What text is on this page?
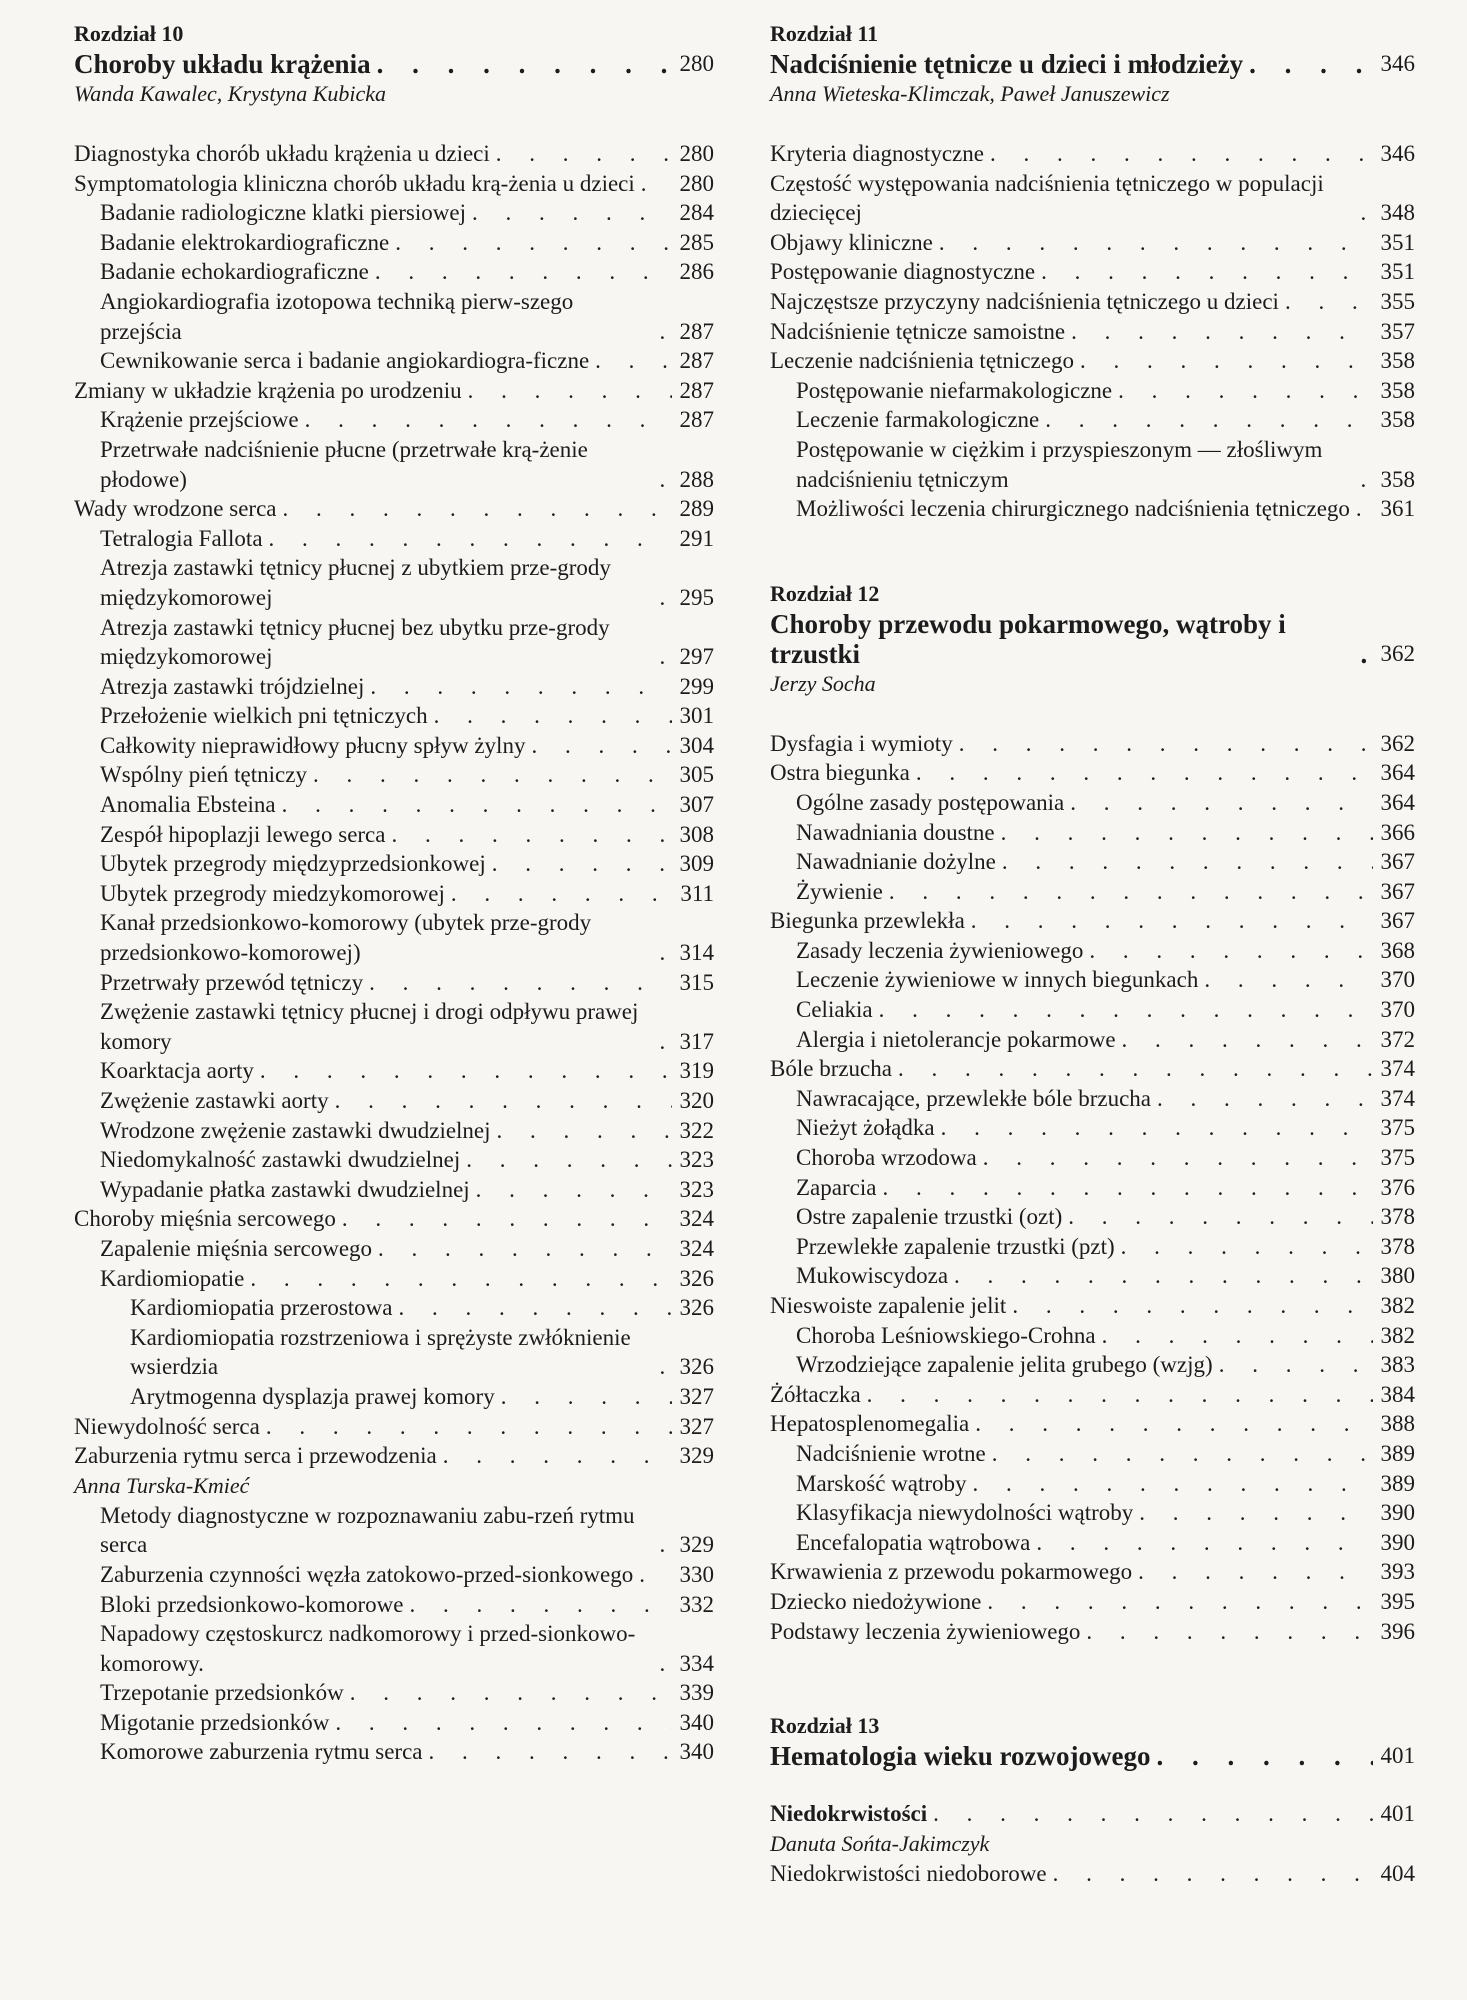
Rozdział 10
Choroby układu krążenia . . .	280
Wanda Kawalec, Krystyna Kubicka
Diagnostyka chorób układu krążenia u dzieci . . .	280
Symptomatologia kliniczna chorób układu krą-żenia u dzieci . . .	280
Badanie radiologiczne klatki piersiowej . . .	284
Badanie elektrokardiograficzne . . .	285
Badanie echokardiograficzne . . .	286
Angiokardiografia izotopowa techniką pierw-szego przejścia . . .	287
Cewnikowanie serca i badanie angiokardiogra-ficzne . . .	287
Zmiany w układzie krążenia po urodzeniu . . .	287
Krążenie przejściowe . . .	287
Przetrwałe nadciśnienie płucne (przetrwałe krą-żenie płodowe) . . .	288
Wady wrodzone serca . . .	289
Tetralogia Fallota . . .	291
Atrezja zastawki tętnicy płucnej z ubytkiem prze-grody międzykomorowej . . .	295
Atrezja zastawki tętnicy płucnej bez ubytku prze-grody międzykomorowej . . .	297
Atrezja zastawki trójdzielnej . . .	299
Przełożenie wielkich pni tętniczych . . .	301
Całkowity nieprawidłowy płucny spływ żylny . . .	304
Wspólny pień tętniczy . . .	305
Anomalia Ebsteina . . .	307
Zespół hipoplazji lewego serca . . .	308
Ubytek przegrody międzyprzedsionkowej . . .	309
Ubytek przegrody miedzykomorowej . . .	311
Kanał przedsionkowo-komorowy (ubytek prze-grody przedsionkowo-komorowej) . . .	314
Przetrwały przewód tętniczy . . .	315
Zwężenie zastawki tętnicy płucnej i drogi odpływu prawej komory . . .	317
Koarktacja aorty . . .	319
Zwężenie zastawki aorty . . .	320
Wrodzone zwężenie zastawki dwudzielnej . . .	322
Niedomykalność zastawki dwudzielnej . . .	323
Wypadanie płatka zastawki dwudzielnej . . .	323
Choroby mięśnia sercowego . . .	324
Zapalenie mięśnia sercowego . . .	324
Kardiomiopatie . . .	326
Kardiomiopatia przerostowa . . .	326
Kardiomiopatia rozstrzeniowa i sprężyste zwłóknienie wsierdzia . . .	326
Arytmogenna dysplazja prawej komory . . .	327
Niewydolność serca . . .	327
Zaburzenia rytmu serca i przewodzenia . . .	329
Anna Turska-Kmieć
Metody diagnostyczne w rozpoznawaniu zabu-rzeń rytmu serca . . .	329
Zaburzenia czynności węzła zatokowo-przed-sionkowego . . .	330
Bloki przedsionkowo-komorowe . . .	332
Napadowy częstoskurcz nadkomorowy i przed-sionkowo-komorowy. . . .	334
Trzepotanie przedsionków . . .	339
Migotanie przedsionków . . .	340
Komorowe zaburzenia rytmu serca . . .	340
Rozdział 11
Nadciśnienie tętnicze u dzieci i młodzieży . . .	346
Anna Wieteska-Klimczak, Paweł Januszewicz
Kryteria diagnostyczne . . .	346
Częstość występowania nadciśnienia tętniczego w populacji dziecięcej . . .	348
Objawy kliniczne . . .	351
Postępowanie diagnostyczne . . .	351
Najczęstsze przyczyny nadciśnienia tętniczego u dzieci . . .	355
Nadciśnienie tętnicze samoistne . . .	357
Leczenie nadciśnienia tętniczego . . .	358
Postępowanie niefarmakologiczne . . .	358
Leczenie farmakologiczne . . .	358
Postępowanie w ciężkim i przyspieszonym — złośliwym nadciśnieniu tętniczym . . .	358
Możliwości leczenia chirurgicznego nadciśnienia tętniczego . . .	361
Rozdział 12
Choroby przewodu pokarmowego, wątroby i trzustki . . .	362
Jerzy Socha
Dysfagia i wymioty . . .	362
Ostra biegunka . . .	364
Ogólne zasady postępowania . . .	364
Nawadniania doustne . . .	366
Nawadnianie dożylne . . .	367
Żywienie . . .	367
Biegunka przewlekła . . .	367
Zasady leczenia żywieniowego . . .	368
Leczenie żywieniowe w innych biegunkach . . .	370
Celiakia . . .	370
Alergia i nietolerancje pokarmowe . . .	372
Bóle brzucha . . .	374
Nawracające, przewlekłe bóle brzucha . . .	374
Nieżyt żołądka . . .	375
Choroba wrzodowa . . .	375
Zaparcia . . .	376
Ostre zapalenie trzustki (ozt) . . .	378
Przewlekłe zapalenie trzustki (pzt) . . .	378
Mukowiscydoza . . .	380
Nieswoiste zapalenie jelit . . .	382
Choroba Leśniowskiego-Crohna . . .	382
Wrzodziejące zapalenie jelita grubego (wzjg) . . .	383
Żółtaczka . . .	384
Hepatosplenomegalia . . .	388
Nadciśnienie wrotne . . .	389
Marskość wątroby . . .	389
Klasyfikacja niewydolności wątroby . . .	390
Encefalopatia wątrobowa . . .	390
Krwawienia z przewodu pokarmowego . . .	393
Dziecko niedożywione . . .	395
Podstawy leczenia żywieniowego . . .	396
Rozdział 13
Hematologia wieku rozwojowego . . .	401
Niedokrwistości . . .	401
Danuta Sońta-Jakimczyk
Niedokrwistości niedoborowe . . .	404
